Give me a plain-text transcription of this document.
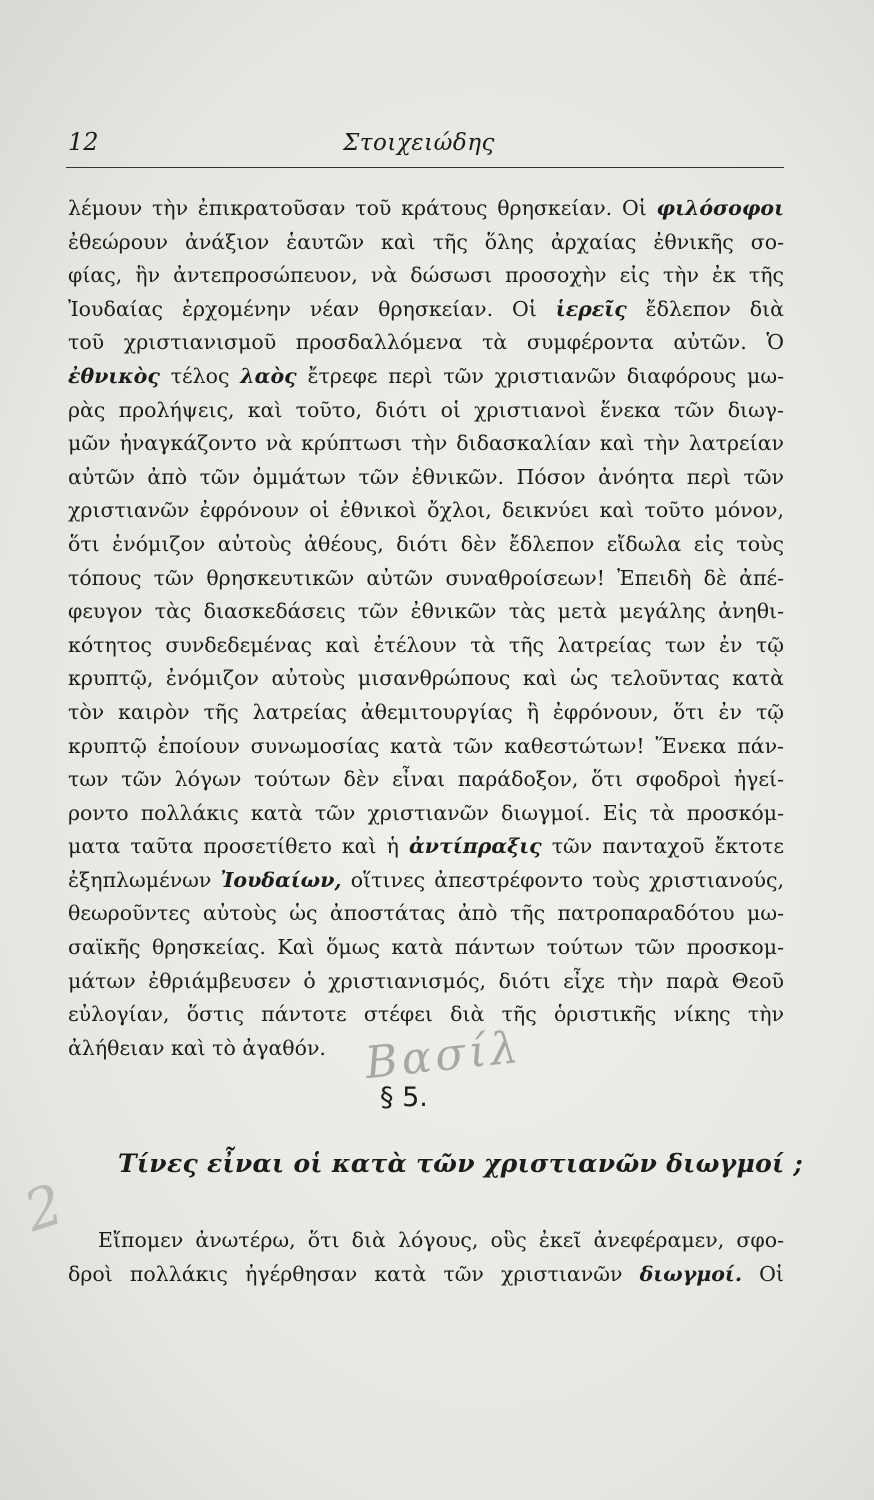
12	Στοιχειώδης
λέμουν τὴν ἐπικρατοῦσαν τοῦ κράτους θρησκείαν. Οἱ φιλόσοφοι
ἐθεώρουν ἀνάξιον ἑαυτῶν καὶ τῆς ὅλης ἀρχαίας ἐθνικῆς σο-
φίας, ἣν ἀντεπροσώπευον, νὰ δώσωσι προσοχὴν εἰς τὴν ἐκ τῆς
Ἰουδαίας ἐρχομένην νέαν θρησκείαν. Οἱ ἱερεῖς ἔδλεπον διὰ
τοῦ χριστιανισμοῦ προσδαλλόμενα τὰ συμφέροντα αὐτῶν. Ὁ
ἐθνικὸς τέλος λαὸς ἔτρεφε περὶ τῶν χριστιανῶν διαφόρους μω-
ρὰς προλήψεις, καὶ τοῦτο, διότι οἱ χριστιανοὶ ἕνεκα τῶν διωγ-
μῶν ἠναγκάζοντο νὰ κρύπτωσι τὴν διδασκαλίαν καὶ τὴν λατρείαν
αὐτῶν ἀπὸ τῶν ὀμμάτων τῶν ἐθνικῶν. Πόσον ἀνόητα περὶ τῶν
χριστιανῶν ἐφρόνουν οἱ ἐθνικοὶ ὄχλοι, δεικνύει καὶ τοῦτο μόνον,
ὅτι ἐνόμιζον αὐτοὺς ἀθέους, διότι δὲν ἔδλεπον εἴδωλα εἰς τοὺς
τόπους τῶν θρησκευτικῶν αὐτῶν συναθροίσεων! Ἐπειδὴ δὲ ἀπέ-
φευγον τὰς διασκεδάσεις τῶν ἐθνικῶν τὰς μετὰ μεγάλης ἀνηθι-
κότητος συνδεδεμένας καὶ ἐτέλουν τὰ τῆς λατρείας των ἐν τῷ
κρυπτῷ, ἐνόμιζον αὐτοὺς μισανθρώπους καὶ ὡς τελοῦντας κατὰ
τὸν καιρὸν τῆς λατρείας ἀθεμιτουργίας ἢ ἐφρόνουν, ὅτι ἐν τῷ
κρυπτῷ ἐποίουν συνωμοσίας κατὰ τῶν καθεστώτων! Ἕνεκα πάν-
των τῶν λόγων τούτων δὲν εἶναι παράδοξον, ὅτι σφοδροὶ ἠγεί-
ροντο πολλάκις κατὰ τῶν χριστιανῶν διωγμοί. Εἰς τὰ προσκόμ-
ματα ταῦτα προσετίθετο καὶ ἡ ἀντίπραξις τῶν πανταχοῦ ἔκτοτε
ἐξηπλωμένων Ἰουδαίων, οἵτινες ἀπεστρέφοντο τοὺς χριστιανούς,
θεωροῦντες αὐτοὺς ὡς ἀποστάτας ἀπὸ τῆς πατροπαραδότου μω-
σαϊκῆς θρησκείας. Καὶ ὅμως κατὰ πάντων τούτων τῶν προσκομ-
μάτων ἐθριάμβευσεν ὁ χριστιανισμός, διότι εἶχε τὴν παρὰ Θεοῦ
εὐλογίαν, ὅστις πάντοτε στέφει διὰ τῆς ὁριστικῆς νίκης τὴν
ἀλήθειαν καὶ τὸ ἀγαθόν. Βασίλ
§ 5.
Τίνες εἶναι οἱ κατὰ τῶν χριστιανῶν διωγμοί ;
2	Εἴπομεν ἀνωτέρω, ὅτι διὰ λόγους, οὓς ἐκεῖ ἀνεφέραμεν, σφο-
δροὶ πολλάκις ἠγέρθησαν κατὰ τῶν χριστιανῶν διωγμοί. Οἱ
